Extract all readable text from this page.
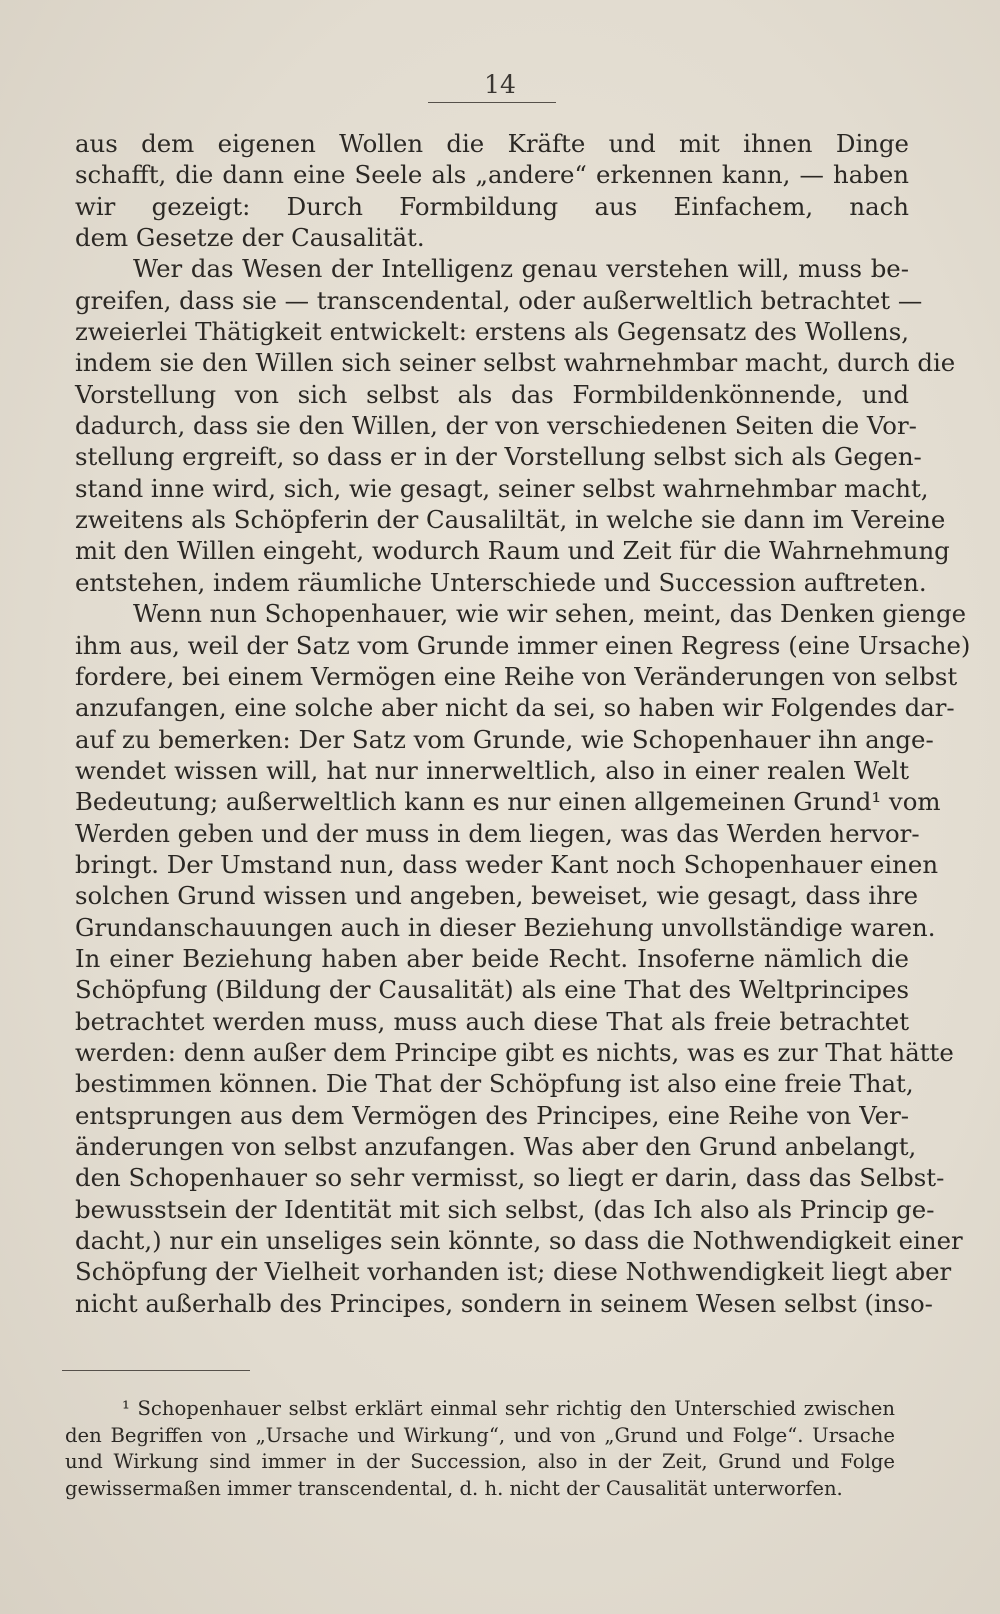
14
aus dem eigenen Wollen die Kräfte und mit ihnen Dinge
schafft, die dann eine Seele als „andere“ erkennen kann, — haben
wir gezeigt: Durch Formbildung aus Einfachem, nach
dem Gesetze der Causalität.
Wer das Wesen der Intelligenz genau verstehen will, muss be-
greifen, dass sie — transcendental, oder außerweltlich betrachtet —
zweierlei Thätigkeit entwickelt: erstens als Gegensatz des Wollens,
indem sie den Willen sich seiner selbst wahrnehmbar macht, durch die
Vorstellung von sich selbst als das Formbildenkönnende, und
dadurch, dass sie den Willen, der von verschiedenen Seiten die Vor-
stellung ergreift, so dass er in der Vorstellung selbst sich als Gegen-
stand inne wird, sich, wie gesagt, seiner selbst wahrnehmbar macht,
zweitens als Schöpferin der Causaliltät, in welche sie dann im Vereine
mit den Willen eingeht, wodurch Raum und Zeit für die Wahrnehmung
entstehen, indem räumliche Unterschiede und Succession auftreten.
Wenn nun Schopenhauer, wie wir sehen, meint, das Denken gienge
ihm aus, weil der Satz vom Grunde immer einen Regress (eine Ursache)
fordere, bei einem Vermögen eine Reihe von Veränderungen von selbst
anzufangen, eine solche aber nicht da sei, so haben wir Folgendes dar-
auf zu bemerken: Der Satz vom Grunde, wie Schopenhauer ihn ange-
wendet wissen will, hat nur innerweltlich, also in einer realen Welt
Bedeutung; außerweltlich kann es nur einen allgemeinen Grund¹ vom
Werden geben und der muss in dem liegen, was das Werden hervor-
bringt. Der Umstand nun, dass weder Kant noch Schopenhauer einen
solchen Grund wissen und angeben, beweiset, wie gesagt, dass ihre
Grundanschauungen auch in dieser Beziehung unvollständige waren.
In einer Beziehung haben aber beide Recht. Insoferne nämlich die
Schöpfung (Bildung der Causalität) als eine That des Weltprincipes
betrachtet werden muss, muss auch diese That als freie betrachtet
werden: denn außer dem Principe gibt es nichts, was es zur That hätte
bestimmen können. Die That der Schöpfung ist also eine freie That,
entsprungen aus dem Vermögen des Principes, eine Reihe von Ver-
änderungen von selbst anzufangen. Was aber den Grund anbelangt,
den Schopenhauer so sehr vermisst, so liegt er darin, dass das Selbst-
bewusstsein der Identität mit sich selbst, (das Ich also als Princip ge-
dacht,) nur ein unseliges sein könnte, so dass die Nothwendigkeit einer
Schöpfung der Vielheit vorhanden ist; diese Nothwendigkeit liegt aber
nicht außerhalb des Principes, sondern in seinem Wesen selbst (inso-
¹ Schopenhauer selbst erklärt einmal sehr richtig den Unterschied zwischen
den Begriffen von „Ursache und Wirkung“, und von „Grund und Folge“. Ursache
und Wirkung sind immer in der Succession, also in der Zeit, Grund und Folge
gewissermaßen immer transcendental, d. h. nicht der Causalität unterworfen.
